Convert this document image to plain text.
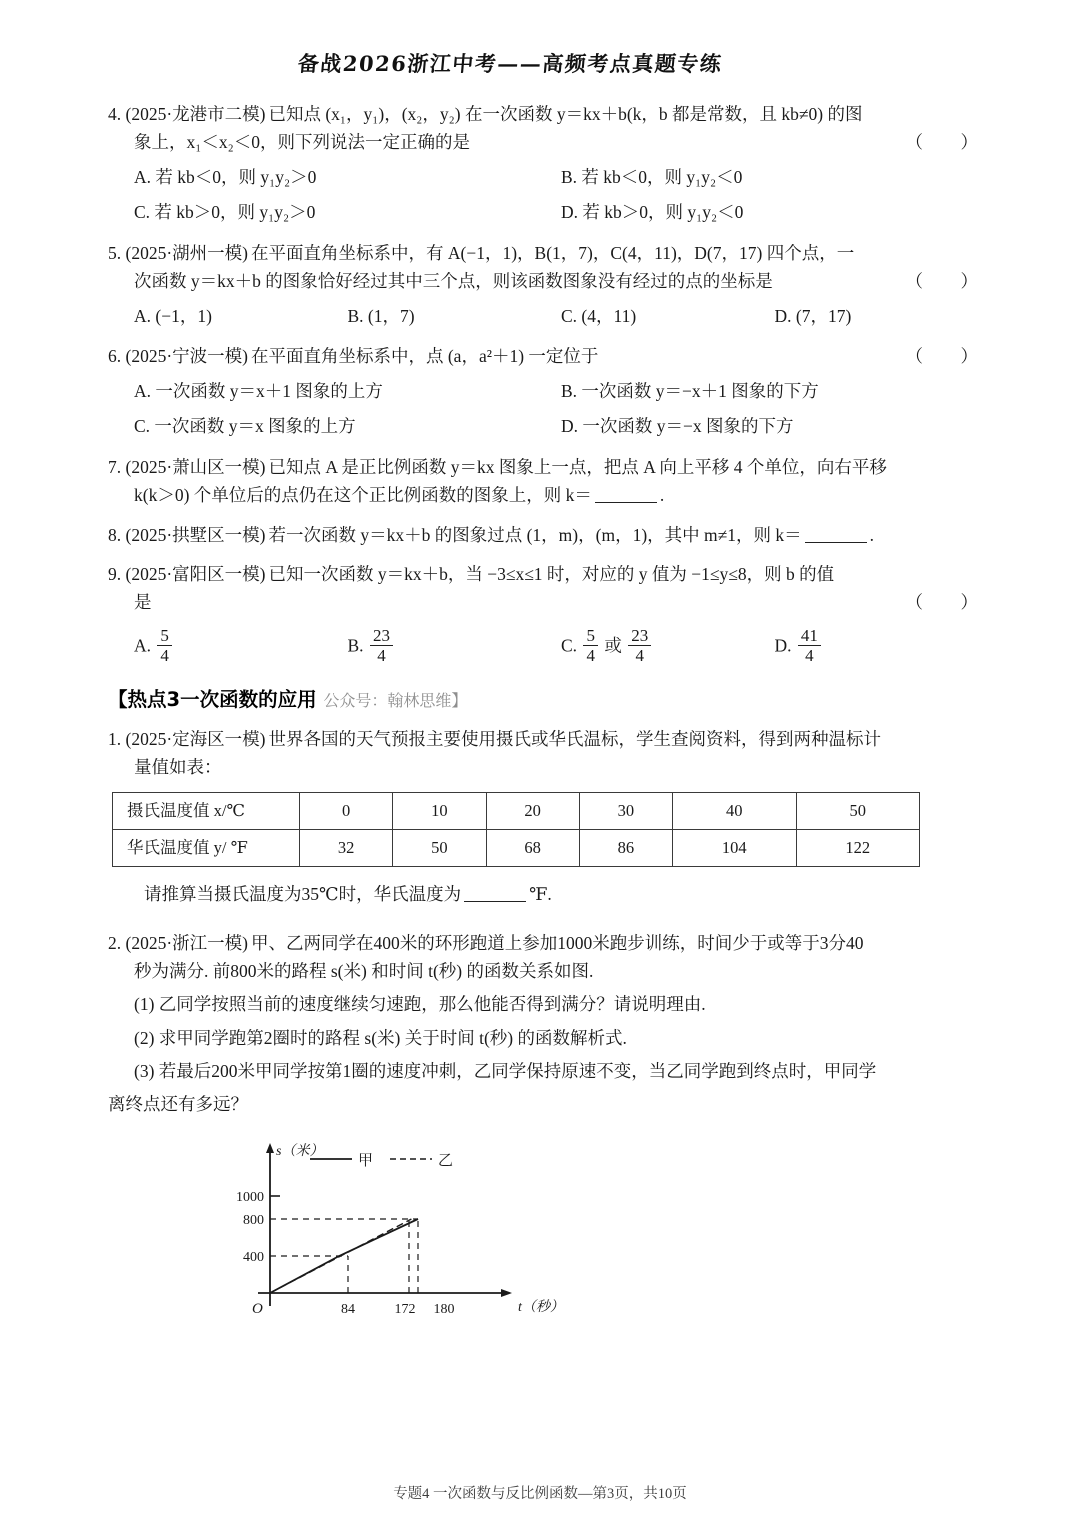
备战2026浙江中考——高频考点真题专练
4. (2025·龙港市二模) 已知点 (x₁，y₁)，(x₂，y₂) 在一次函数 y＝kx＋b(k，b 都是常数，且 kb≠0) 的图
（　）
象上，x₁＜x₂＜0，则下列说法一定正确的是
A. 若 kb＜0，则 y₁y₂＞0	B. 若 kb＜0，则 y₁y₂＜0
C. 若 kb＞0，则 y₁y₂＞0	D. 若 kb＞0，则 y₁y₂＜0
5. (2025·湖州一模) 在平面直角坐标系中，有 A(−1，1)，B(1，7)，C(4，11)，D(7，17) 四个点，一
（　）
次函数 y＝kx＋b 的图象恰好经过其中三个点，则该函数图象没有经过的点的坐标是
A. (−1，1)	B. (1，7)	C. (4，11)	D. (7，17)
6. (2025·宁波一模)	（　）
在平面直角坐标系中，点 (a，a²＋1) 一定位于
A. 一次函数 y＝x＋1 图象的上方	B. 一次函数 y＝−x＋1 图象的下方
C. 一次函数 y＝x 图象的上方	D. 一次函数 y＝−x 图象的下方
7. (2025·萧山区一模) 已知点 A 是正比例函数 y＝kx 图象上一点，把点 A 向上平移 4 个单位，向右平移
k(k＞0) 个单位后的点仍在这个正比例函数的图象上，则 k＝	.
8. (2025·拱墅区一模) 若一次函数 y＝kx＋b 的图象过点 (1，m)，(m，1)，其中 m≠1，则 k＝	.
9. (2025·富阳区一模) 已知一次函数 y＝kx＋b，当 −3≤x≤1 时，对应的 y 值为 −1≤y≤8，则 b 的值
（　）
是
A. $\frac{5}{4}$	B. $\frac{23}{4}$	C. $\frac{5}{4}$ 或 $\frac{23}{4}$	D. $\frac{41}{4}$
【热点3一次函数的应用 公众号：翰林思维】
1. (2025·定海区一模) 世界各国的天气预报主要使用摄氏或华氏温标，学生查阅资料，得到两种温标计
量值如表：
摄氏温度值 x/℃	0	10	20	30	40	50
华氏温度值 y/ ℉	32	50	68	86	104	122
请推算当摄氏温度为35℃时，华氏温度为	℉.
2. (2025·浙江一模) 甲、乙两同学在400米的环形跑道上参加1000米跑步训练，时间少于或等于3分40
秒为满分. 前800米的路程 s(米) 和时间 t(秒) 的函数关系如图.
(1) 乙同学按照当前的速度继续匀速跑，那么他能否得到满分？请说明理由.
(2) 求甲同学跑第2圈时的路程 s(米) 关于时间 t(秒) 的函数解析式.
(3) 若最后200米甲同学按第1圈的速度冲刺，乙同学保持原速不变，当乙同学跑到终点时，甲同学
离终点还有多远？
甲	乙
s（米）
t（秒）
1000
800
400
O	84	172 180
专题4 一次函数与反比例函数—第3页，共10页
